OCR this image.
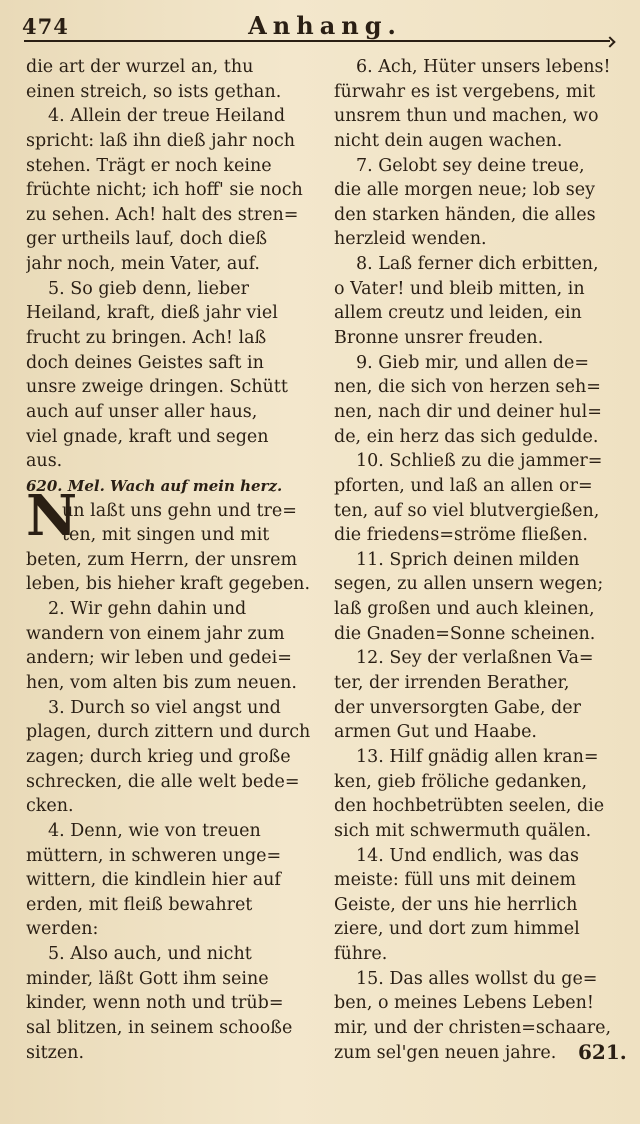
474	Anhang.
N
die art der wurzel an, thu
einen streich, so ists gethan.
4. Allein der treue Heiland
spricht: laß ihn dieß jahr noch
stehen. Trägt er noch keine
früchte nicht; ich hoff' sie noch
zu sehen. Ach! halt des stren=
ger urtheils lauf, doch dieß
jahr noch, mein Vater, auf.
5. So gieb denn, lieber
Heiland, kraft, dieß jahr viel
frucht zu bringen. Ach! laß
doch deines Geistes saft in
unsre zweige dringen. Schütt
auch auf unser aller haus,
viel gnade, kraft und segen
aus.
620. Mel. Wach auf mein herz.
un laßt uns gehn und tre=
ten, mit singen und mit
beten, zum Herrn, der unsrem
leben, bis hieher kraft gegeben.
2. Wir gehn dahin und
wandern von einem jahr zum
andern; wir leben und gedei=
hen, vom alten bis zum neuen.
3. Durch so viel angst und
plagen, durch zittern und durch
zagen; durch krieg und große
schrecken, die alle welt bede=
cken.
4. Denn, wie von treuen
müttern, in schweren unge=
wittern, die kindlein hier auf
erden, mit fleiß bewahret
werden:
5. Also auch, und nicht
minder, läßt Gott ihm seine
kinder, wenn noth und trüb=
sal blitzen, in seinem schooße
sitzen.
6. Ach, Hüter unsers lebens!
fürwahr es ist vergebens, mit
unsrem thun und machen, wo
nicht dein augen wachen.
7. Gelobt sey deine treue,
die alle morgen neue; lob sey
den starken händen, die alles
herzleid wenden.
8. Laß ferner dich erbitten,
o Vater! und bleib mitten, in
allem creutz und leiden, ein
Bronne unsrer freuden.
9. Gieb mir, und allen de=
nen, die sich von herzen seh=
nen, nach dir und deiner hul=
de, ein herz das sich gedulde.
10. Schließ zu die jammer=
pforten, und laß an allen or=
ten, auf so viel blutvergießen,
die friedens=ströme fließen.
11. Sprich deinen milden
segen, zu allen unsern wegen;
laß großen und auch kleinen,
die Gnaden=Sonne scheinen.
12. Sey der verlaßnen Va=
ter, der irrenden Berather,
der unversorgten Gabe, der
armen Gut und Haabe.
13. Hilf gnädig allen kran=
ken, gieb fröliche gedanken,
den hochbetrübten seelen, die
sich mit schwermuth quälen.
14. Und endlich, was das
meiste: füll uns mit deinem
Geiste, der uns hie herrlich
ziere, und dort zum himmel
führe.
15. Das alles wollst du ge=
ben, o meines Lebens Leben!
mir, und der christen=schaare,
zum sel'gen neuen jahre.	621.
